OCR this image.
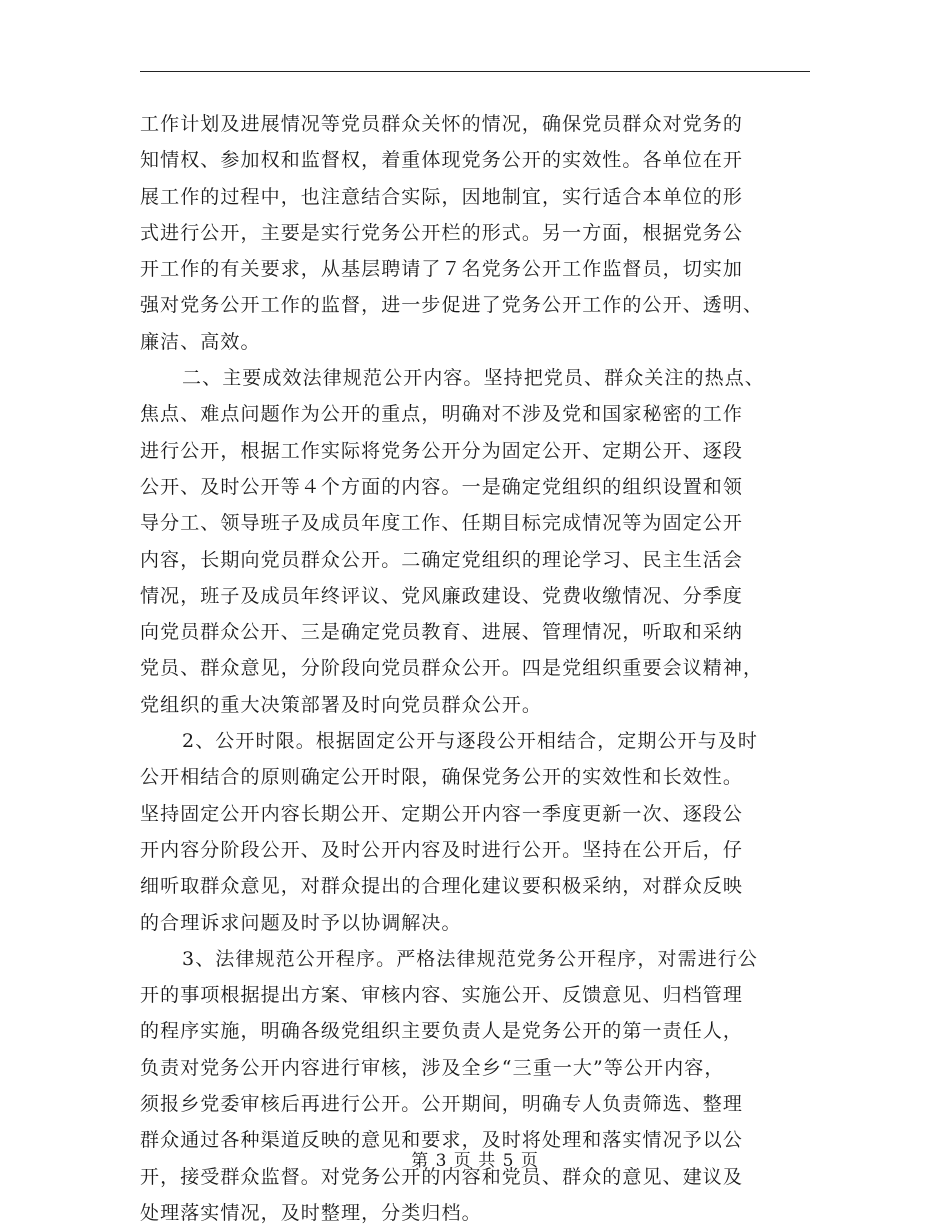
工作计划及进展情况等党员群众关怀的情况，确保党员群众对党务的
知情权、参加权和监督权，着重体现党务公开的实效性。各单位在开
展工作的过程中，也注意结合实际，因地制宜，实行适合本单位的形
式进行公开，主要是实行党务公开栏的形式。另一方面，根据党务公
开工作的有关要求，从基层聘请了７名党务公开工作监督员，切实加
强对党务公开工作的监督，进一步促进了党务公开工作的公开、透明、
廉洁、高效。
二、主要成效法律规范公开内容。坚持把党员、群众关注的热点、
焦点、难点问题作为公开的重点，明确对不涉及党和国家秘密的工作
进行公开，根据工作实际将党务公开分为固定公开、定期公开、逐段
公开、及时公开等４个方面的内容。一是确定党组织的组织设置和领
导分工、领导班子及成员年度工作、任期目标完成情况等为固定公开
内容，长期向党员群众公开。二确定党组织的理论学习、民主生活会
情况，班子及成员年终评议、党风廉政建设、党费收缴情况、分季度
向党员群众公开、三是确定党员教育、进展、管理情况，听取和采纳
党员、群众意见，分阶段向党员群众公开。四是党组织重要会议精神，
党组织的重大决策部署及时向党员群众公开。
2、公开时限。根据固定公开与逐段公开相结合，定期公开与及时
公开相结合的原则确定公开时限，确保党务公开的实效性和长效性。
坚持固定公开内容长期公开、定期公开内容一季度更新一次、逐段公
开内容分阶段公开、及时公开内容及时进行公开。坚持在公开后，仔
细听取群众意见，对群众提出的合理化建议要积极采纳，对群众反映
的合理诉求问题及时予以协调解决。
3、法律规范公开程序。严格法律规范党务公开程序，对需进行公
开的事项根据提出方案、审核内容、实施公开、反馈意见、归档管理
的程序实施，明确各级党组织主要负责人是党务公开的第一责任人，
负责对党务公开内容进行审核，涉及全乡“三重一大”等公开内容，
须报乡党委审核后再进行公开。公开期间，明确专人负责筛选、整理
群众通过各种渠道反映的意见和要求，及时将处理和落实情况予以公
开，接受群众监督。对党务公开的内容和党员、群众的意见、建议及
处理落实情况，及时整理，分类归档。
第 3 页 共 5 页
